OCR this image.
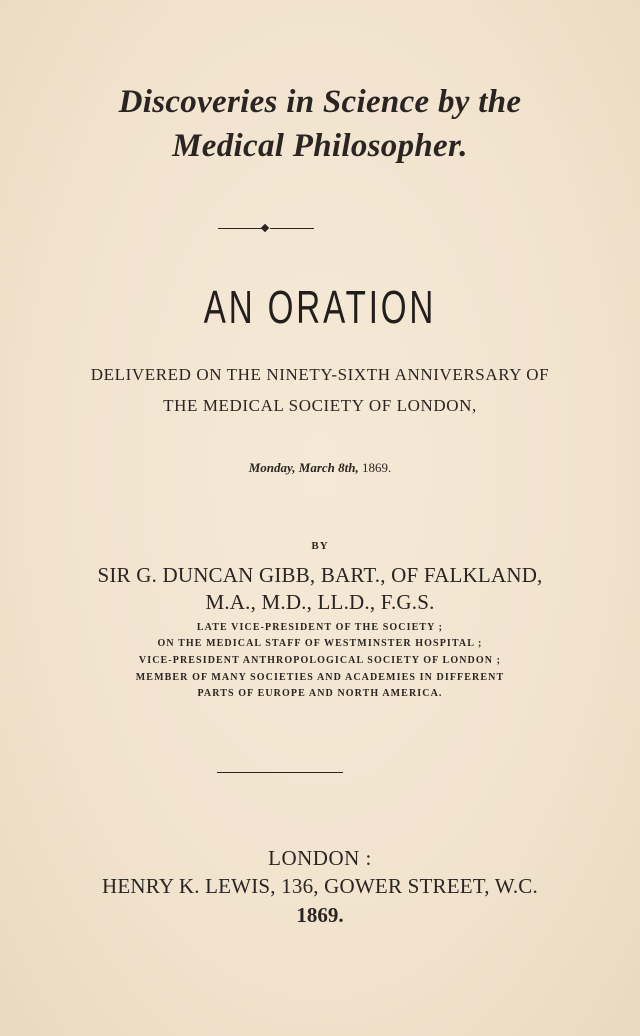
Discoveries in Science by the
Medical Philosopher.
AN ORATION
DELIVERED ON THE NINETY-SIXTH ANNIVERSARY OF
THE MEDICAL SOCIETY OF LONDON,
Monday, March 8th, 1869.
BY
SIR G. DUNCAN GIBB, BART., OF FALKLAND,
M.A., M.D., LL.D., F.G.S.
LATE VICE-PRESIDENT OF THE SOCIETY ;
ON THE MEDICAL STAFF OF WESTMINSTER HOSPITAL ;
VICE-PRESIDENT ANTHROPOLOGICAL SOCIETY OF LONDON ;
MEMBER OF MANY SOCIETIES AND ACADEMIES IN DIFFERENT
PARTS OF EUROPE AND NORTH AMERICA.
LONDON :
HENRY K. LEWIS, 136, GOWER STREET, W.C.
1869.
